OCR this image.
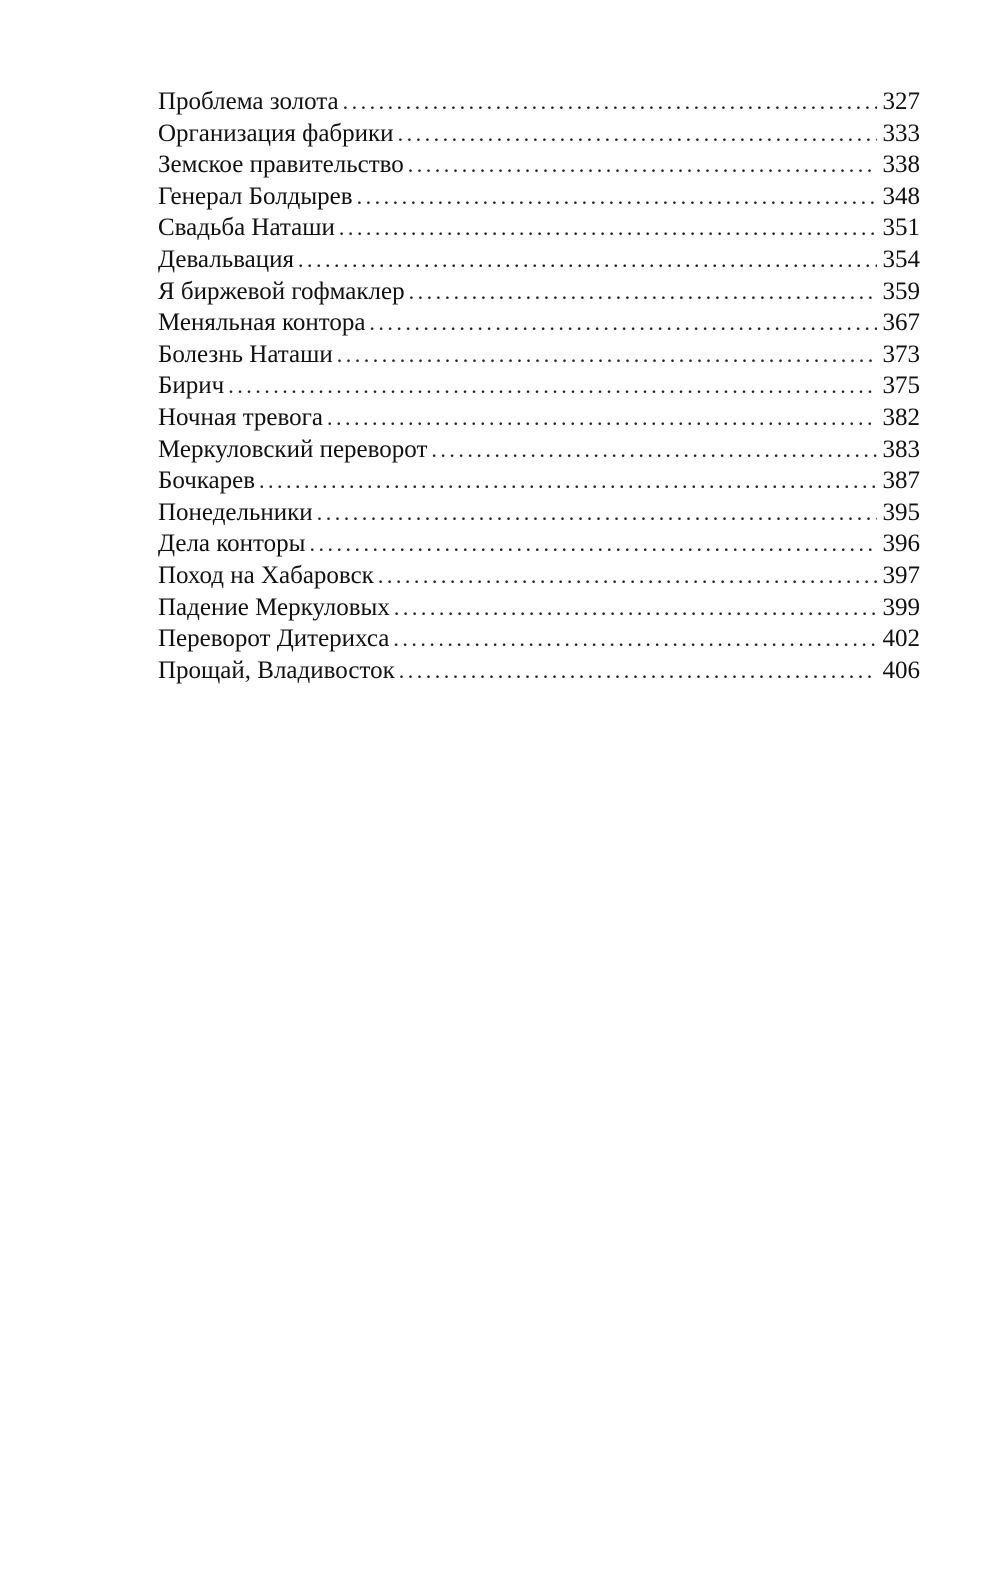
Проблема золота . . .	327
Организация фабрики . . .	333
Земское правительство . . .	338
Генерал Болдырев . . .	348
Свадьба Наташи . . .	351
Девальвация . . .	354
Я биржевой гофмаклер . . .	359
Меняльная контора . . .	367
Болезнь Наташи . . .	373
Бирич . . .	375
Ночная тревога . . .	382
Меркуловский переворот . . .	383
Бочкарев . . .	387
Понедельники . . .	395
Дела конторы . . .	396
Поход на Хабаровск . . .	397
Падение Меркуловых . . .	399
Переворот Дитерихса . . .	402
Прощай, Владивосток . . .	406
